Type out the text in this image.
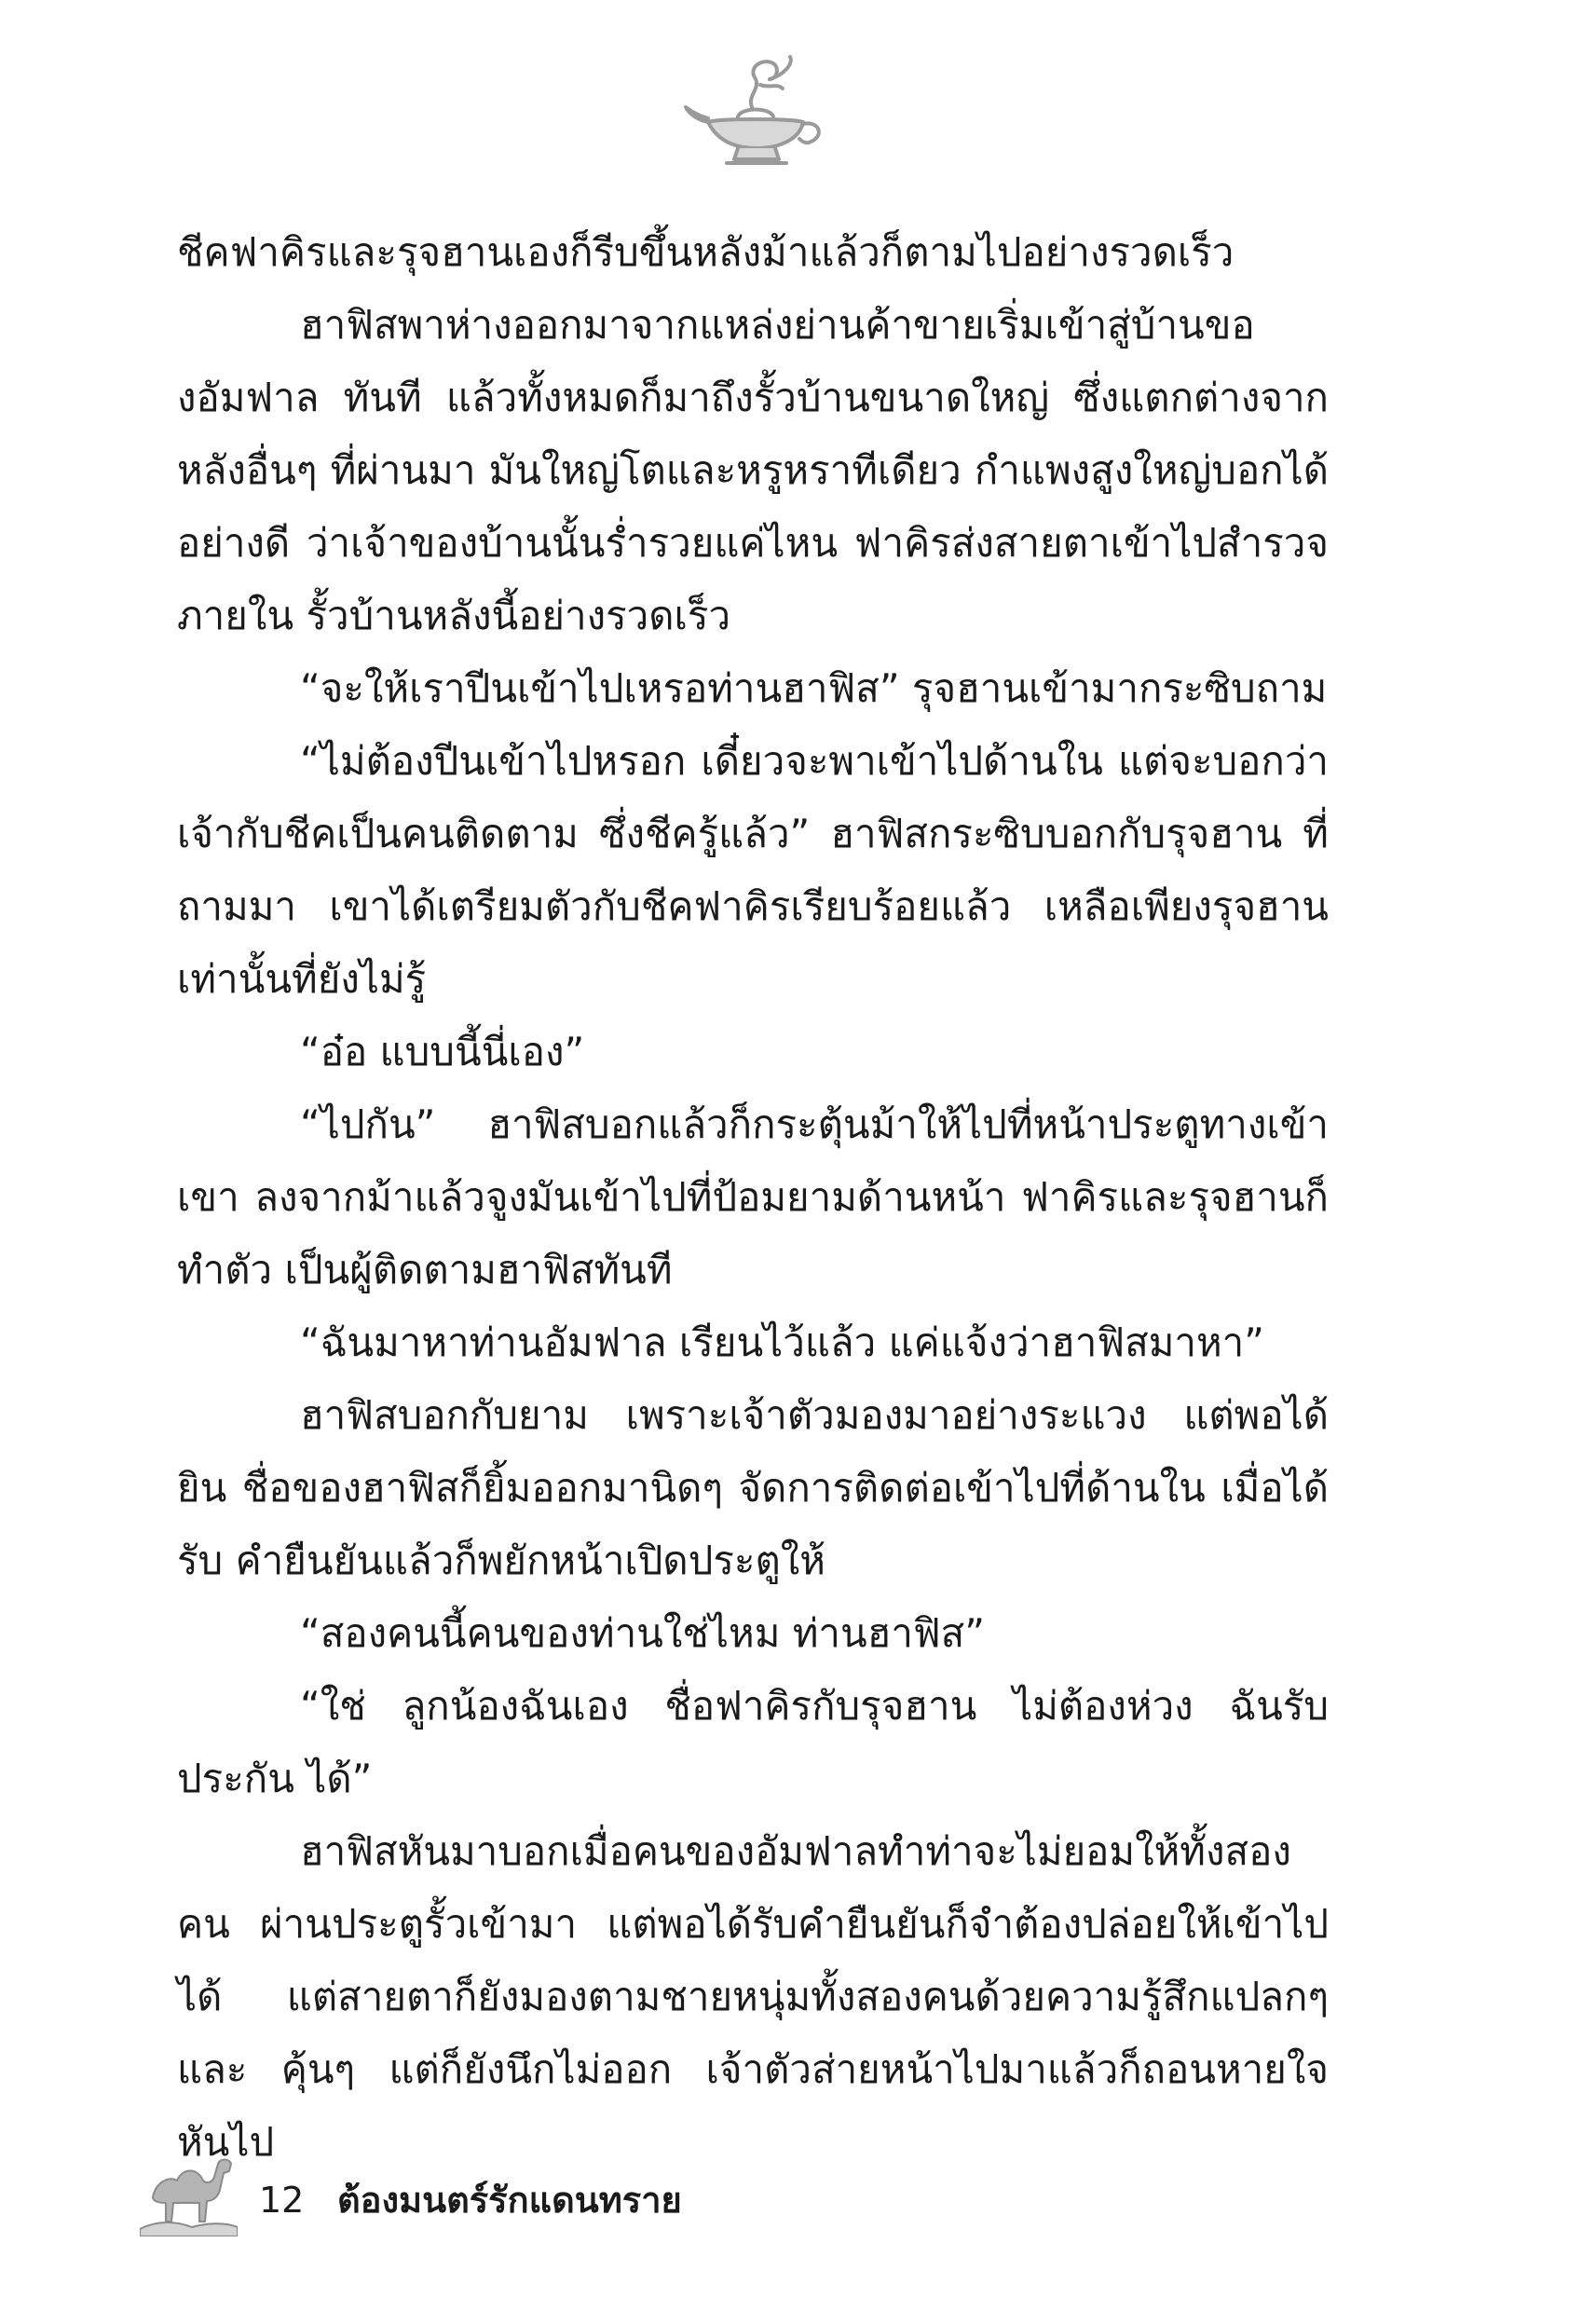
ชีคฟาคิรและรุจฮานเองก็รีบขึ้นหลังม้าแล้วก็ตามไปอย่างรวดเร็ว

ฮาฟิสพาห่างออกมาจากแหล่งย่านค้าขายเริ่มเข้าสู่บ้านของอัมฟาล ทันที แล้วทั้งหมดก็มาถึงรั้วบ้านขนาดใหญ่ ซึ่งแตกต่างจากหลังอื่นๆ ที่ผ่านมา มันใหญ่โตและหรูหราทีเดียว กำแพงสูงใหญ่บอกได้อย่างดี ว่าเจ้าของบ้านนั้นร่ำรวยแค่ไหน ฟาคิรส่งสายตาเข้าไปสำรวจภายใน รั้วบ้านหลังนี้อย่างรวดเร็ว

“จะให้เราปีนเข้าไปเหรอท่านฮาฟิส” รุจฮานเข้ามากระซิบถาม

“ไม่ต้องปีนเข้าไปหรอก เดี๋ยวจะพาเข้าไปด้านใน แต่จะบอกว่า เจ้ากับชีคเป็นคนติดตาม ซึ่งชีครู้แล้ว” ฮาฟิสกระซิบบอกกับรุจฮาน ที่ถามมา เขาได้เตรียมตัวกับชีคฟาคิรเรียบร้อยแล้ว เหลือเพียงรุจฮาน เท่านั้นที่ยังไม่รู้

“อ๋อ แบบนี้นี่เอง”

“ไปกัน” ฮาฟิสบอกแล้วก็กระตุ้นม้าให้ไปที่หน้าประตูทางเข้า เขา ลงจากม้าแล้วจูงมันเข้าไปที่ป้อมยามด้านหน้า ฟาคิรและรุจฮานก็ทำตัว เป็นผู้ติดตามฮาฟิสทันที

“ฉันมาหาท่านอัมฟาล เรียนไว้แล้ว แค่แจ้งว่าฮาฟิสมาหา”

ฮาฟิสบอกกับยาม เพราะเจ้าตัวมองมาอย่างระแวง แต่พอได้ยิน ชื่อของฮาฟิสก็ยิ้มออกมานิดๆ จัดการติดต่อเข้าไปที่ด้านใน เมื่อได้รับ คำยืนยันแล้วก็พยักหน้าเปิดประตูให้

“สองคนนี้คนของท่านใช่ไหม ท่านฮาฟิส”

“ใช่ ลูกน้องฉันเอง ชื่อฟาคิรกับรุจฮาน ไม่ต้องห่วง ฉันรับประกัน ได้”

ฮาฟิสหันมาบอกเมื่อคนของอัมฟาลทำท่าจะไม่ยอมให้ทั้งสองคน ผ่านประตูรั้วเข้ามา แต่พอได้รับคำยืนยันก็จำต้องปล่อยให้เข้าไปได้ แต่สายตาก็ยังมองตามชายหนุ่มทั้งสองคนด้วยความรู้สึกแปลกๆ และ คุ้นๆ แต่ก็ยังนึกไม่ออก เจ้าตัวส่ายหน้าไปมาแล้วก็ถอนหายใจ หันไป

12 ต้องมนตร์รักแดนทราย
